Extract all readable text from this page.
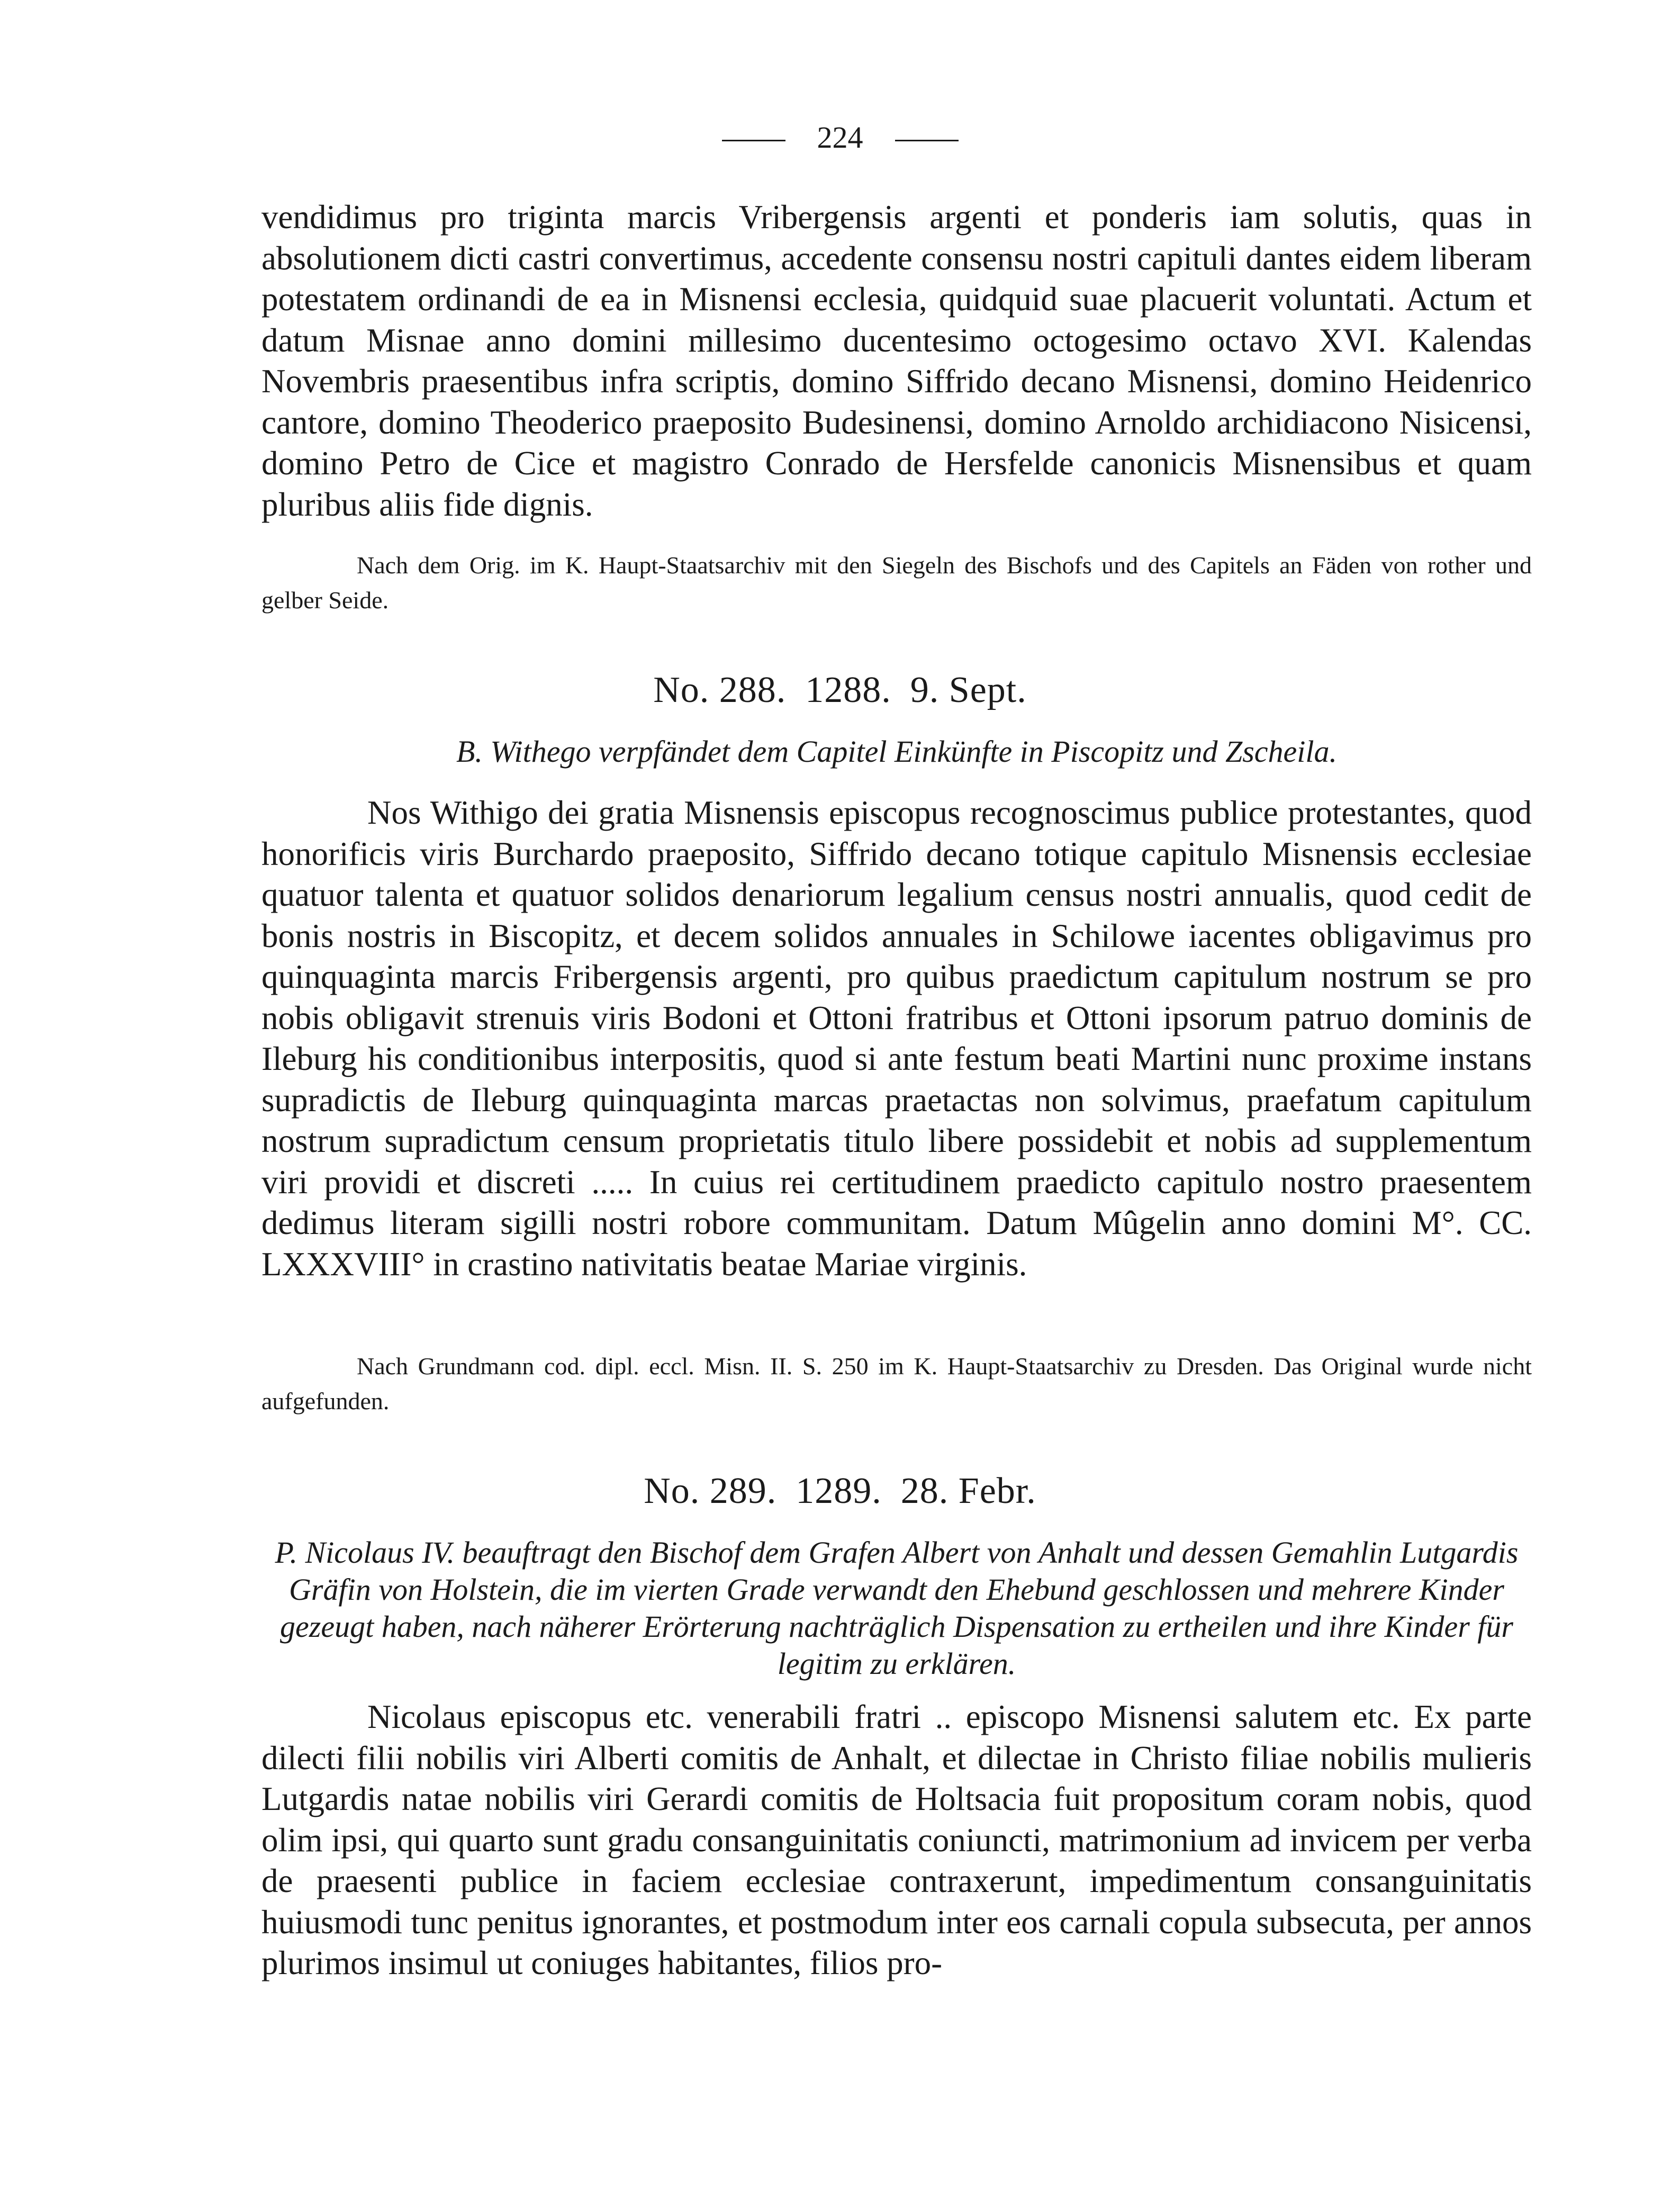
224

vendidimus pro triginta marcis Vribergensis argenti et ponderis iam solutis, quas in absolutionem dicti castri convertimus, accedente consensu nostri capituli dantes eidem liberam potestatem ordinandi de ea in Misnensi ecclesia, quidquid suae placuerit voluntati. Actum et datum Misnae anno domini millesimo ducentesimo octogesimo octavo XVI. Kalendas Novembris praesentibus infra scriptis, domino Siffrido decano Misnensi, domino Heidenrico cantore, domino Theoderico praeposito Budesinensi, domino Arnoldo archidiacono Nisicensi, domino Petro de Cice et magistro Conrado de Hersfelde canonicis Misnensibus et quam pluribus aliis fide dignis.

Nach dem Orig. im K. Haupt-Staatsarchiv mit den Siegeln des Bischofs und des Capitels an Fäden von rother und gelber Seide.

No. 288. 1288. 9. Sept.

B. Withego verpfändet dem Capitel Einkünfte in Piscopitz und Zscheila.

Nos Withigo dei gratia Misnensis episcopus recognoscimus publice protestantes, quod honorificis viris Burchardo praeposito, Siffrido decano totique capitulo Misnensis ecclesiae quatuor talenta et quatuor solidos denariorum legalium census nostri annualis, quod cedit de bonis nostris in Biscopitz, et decem solidos annuales in Schilowe iacentes obligavimus pro quinquaginta marcis Fribergensis argenti, pro quibus praedictum capitulum nostrum se pro nobis obligavit strenuis viris Bodoni et Ottoni fratribus et Ottoni ipsorum patruo dominis de Ileburg his conditionibus interpositis, quod si ante festum beati Martini nunc proxime instans supradictis de Ileburg quinquaginta marcas praetactas non solvimus, praefatum capitulum nostrum supradictum censum proprietatis titulo libere possidebit et nobis ad supplementum viri providi et discreti ..... In cuius rei certitudinem praedicto capitulo nostro praesentem dedimus literam sigilli nostri robore communitam. Datum Mûgelin anno domini M°. CC. LXXXVIII° in crastino nativitatis beatae Mariae virginis.

Nach Grundmann cod. dipl. eccl. Misn. II. S. 250 im K. Haupt-Staatsarchiv zu Dresden. Das Original wurde nicht aufgefunden.

No. 289. 1289. 28. Febr.

P. Nicolaus IV. beauftragt den Bischof dem Grafen Albert von Anhalt und dessen Gemahlin Lutgardis Gräfin von Holstein, die im vierten Grade verwandt den Ehebund geschlossen und mehrere Kinder gezeugt haben, nach näherer Erörterung nachträglich Dispensation zu ertheilen und ihre Kinder für legitim zu erklären.

Nicolaus episcopus etc. venerabili fratri .. episcopo Misnensi salutem etc. Ex parte dilecti filii nobilis viri Alberti comitis de Anhalt, et dilectae in Christo filiae nobilis mulieris Lutgardis natae nobilis viri Gerardi comitis de Holtsacia fuit propositum coram nobis, quod olim ipsi, qui quarto sunt gradu consanguinitatis coniuncti, matrimonium ad invicem per verba de praesenti publice in faciem ecclesiae contraxerunt, impedimentum consanguinitatis huiusmodi tunc penitus ignorantes, et postmodum inter eos carnali copula subsecuta, per annos plurimos insimul ut coniuges habitantes, filios pro-
